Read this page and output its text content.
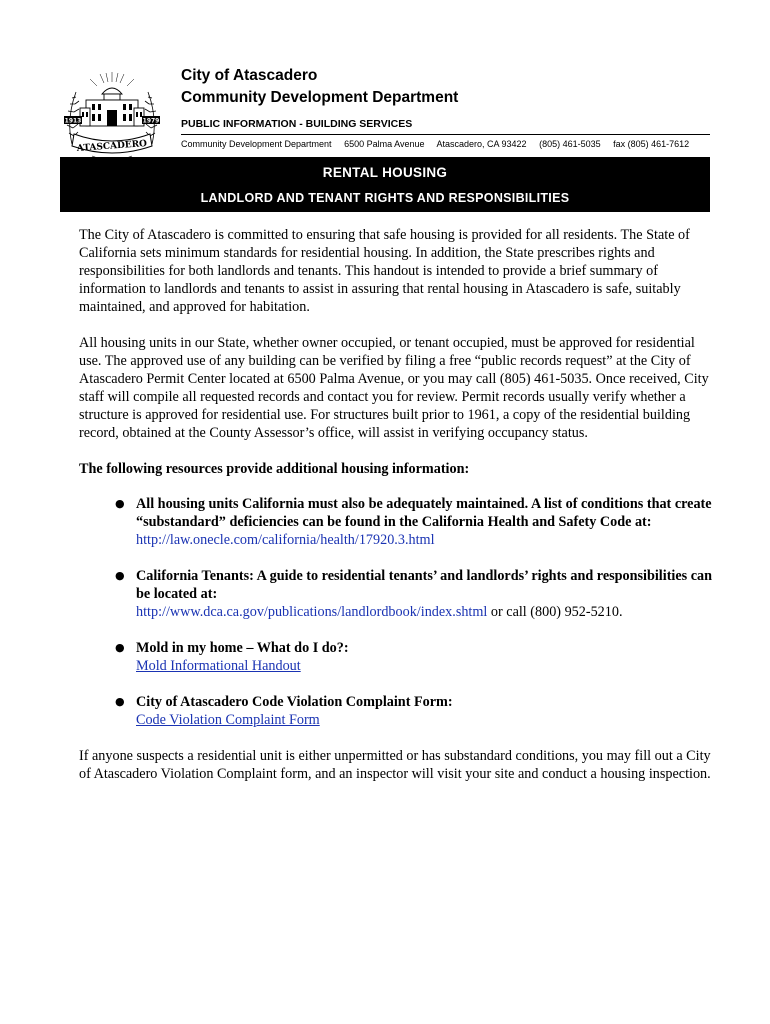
1913	1979
ATASCADERO
City of Atascadero
Community Development Department
PUBLIC INFORMATION - BUILDING SERVICES
Community Development Department 6500 Palma Avenue Atascadero, CA 93422 (805) 461-5035 fax (805) 461-7612
RENTAL HOUSING
LANDLORD AND TENANT RIGHTS AND RESPONSIBILITIES

The City of Atascadero is committed to ensuring that safe housing is provided for all residents. The State of California sets minimum standards for residential housing. In addition, the State prescribes rights and responsibilities for both landlords and tenants. This handout is intended to provide a brief summary of information to landlords and tenants to assist in assuring that rental housing in Atascadero is safe, suitably maintained, and approved for habitation.

All housing units in our State, whether owner occupied, or tenant occupied, must be approved for residential use. The approved use of any building can be verified by filing a free “public records request” at the City of Atascadero Permit Center located at 6500 Palma Avenue, or you may call (805) 461-5035. Once received, City staff will compile all requested records and contact you for review. Permit records usually verify whether a structure is approved for residential use. For structures built prior to 1961, a copy of the residential building record, obtained at the County Assessor’s office, will assist in verifying occupancy status.

The following resources provide additional housing information:

● All housing units California must also be adequately maintained. A list of conditions that create “substandard” deficiencies can be found in the California Health and Safety Code at:
http://law.onecle.com/california/health/17920.3.html
● California Tenants: A guide to residential tenants’ and landlords’ rights and responsibilities can be located at:
http://www.dca.ca.gov/publications/landlordbook/index.shtml or call (800) 952-5210.
● Mold in my home – What do I do?:
Mold Informational Handout
● City of Atascadero Code Violation Complaint Form:
Code Violation Complaint Form

If anyone suspects a residential unit is either unpermitted or has substandard conditions, you may fill out a City of Atascadero Violation Complaint form, and an inspector will visit your site and conduct a housing inspection.
